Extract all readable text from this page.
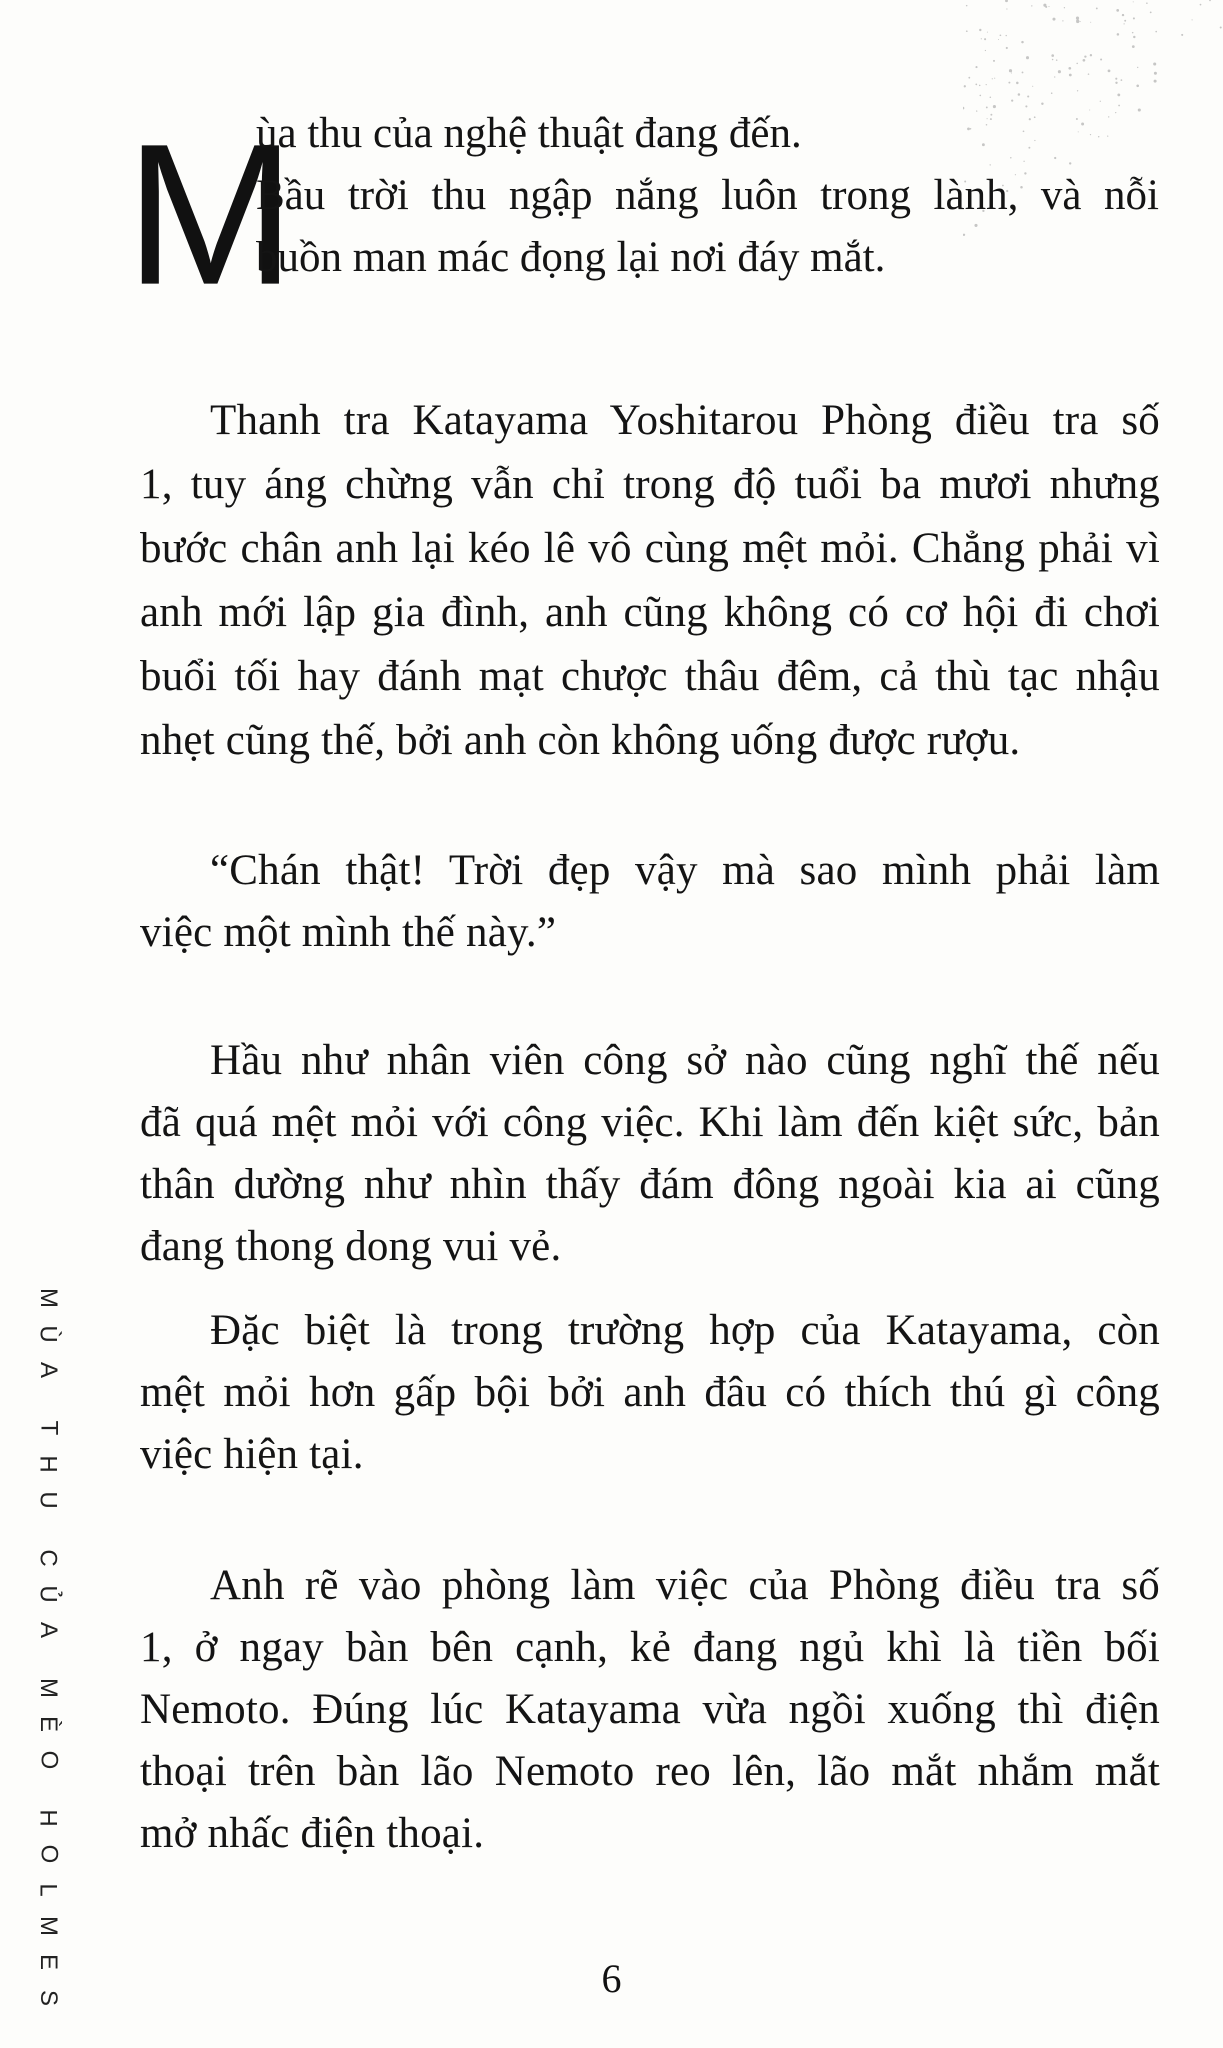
M
ùa thu của nghệ thuật đang đến.
Bầu trời thu ngập nắng luôn trong lành, và nỗi
buồn man mác đọng lại nơi đáy mắt.
Thanh tra Katayama Yoshitarou Phòng điều tra số
1, tuy áng chừng vẫn chỉ trong độ tuổi ba mươi nhưng
bước chân anh lại kéo lê vô cùng mệt mỏi. Chẳng phải vì
anh mới lập gia đình, anh cũng không có cơ hội đi chơi
buổi tối hay đánh mạt chược thâu đêm, cả thù tạc nhậu
nhẹt cũng thế, bởi anh còn không uống được rượu.
“Chán thật! Trời đẹp vậy mà sao mình phải làm
việc một mình thế này.”
Hầu như nhân viên công sở nào cũng nghĩ thế nếu
đã quá mệt mỏi với công việc. Khi làm đến kiệt sức, bản
thân dường như nhìn thấy đám đông ngoài kia ai cũng
đang thong dong vui vẻ.
Đặc biệt là trong trường hợp của Katayama, còn
mệt mỏi hơn gấp bội bởi anh đâu có thích thú gì công
việc hiện tại.
Anh rẽ vào phòng làm việc của Phòng điều tra số
1, ở ngay bàn bên cạnh, kẻ đang ngủ khì là tiền bối
Nemoto. Đúng lúc Katayama vừa ngồi xuống thì điện
thoại trên bàn lão Nemoto reo lên, lão mắt nhắm mắt
mở nhấc điện thoại.
M
Ù
A
T
H
U
C
Ủ
A
M
È
O
H
O
L
M
E
S	6
